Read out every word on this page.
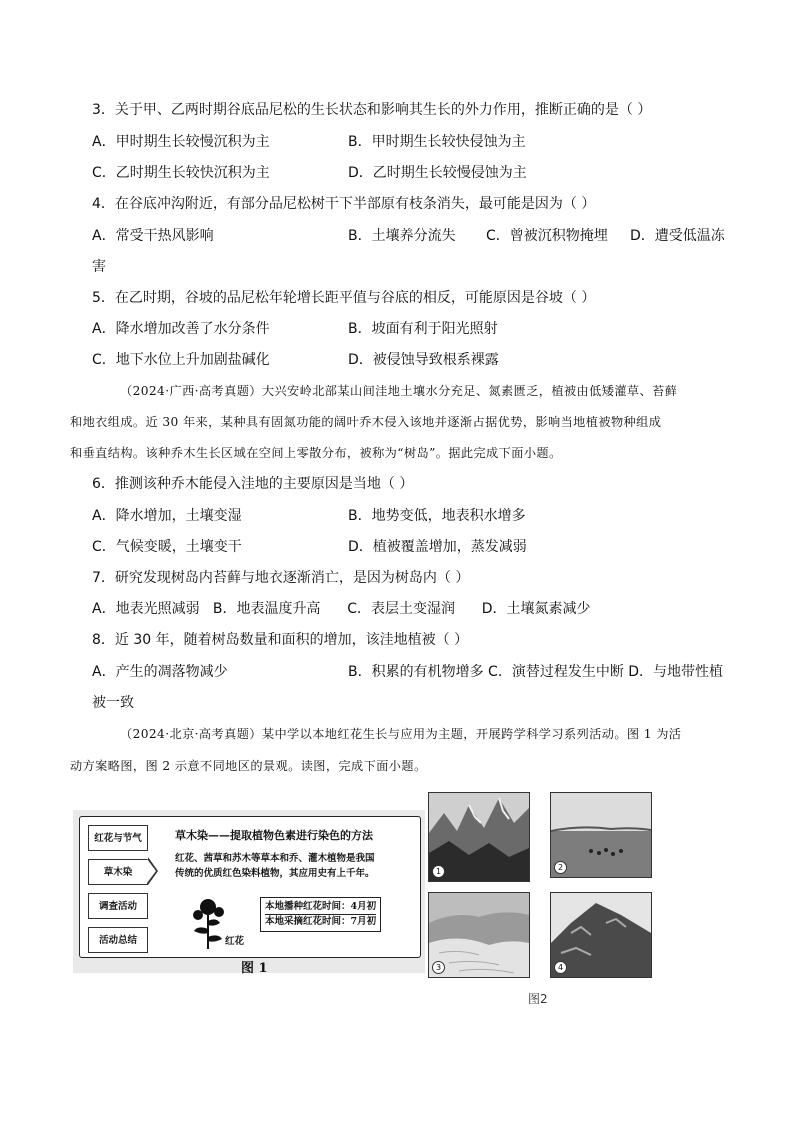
3．关于甲、乙两时期谷底品尼松的生长状态和影响其生长的外力作用，推断正确的是（ ）
A．甲时期生长较慢沉积为主	B．甲时期生长较快侵蚀为主
C．乙时期生长较快沉积为主	D．乙时期生长较慢侵蚀为主
4．在谷底冲沟附近，有部分品尼松树干下半部原有枝条消失，最可能是因为（ ）
A．常受干热风影响	B．土壤养分流失 C．曾被沉积物掩埋 D．遭受低温冻
害
5．在乙时期，谷坡的品尼松年轮增长距平值与谷底的相反，可能原因是谷坡（ ）
A．降水增加改善了水分条件	B．坡面有利于阳光照射
C．地下水位上升加剧盐碱化	D．被侵蚀导致根系裸露
（2024·广西·高考真题）大兴安岭北部某山间洼地土壤水分充足、氮素匮乏，植被由低矮灌草、苔藓
和地衣组成。近 30 年来，某种具有固氮功能的阔叶乔木侵入该地并逐渐占据优势，影响当地植被物种组成
和垂直结构。该种乔木生长区域在空间上零散分布，被称为“树岛”。据此完成下面小题。
6．推测该种乔木能侵入洼地的主要原因是当地（ ）
A．降水增加，土壤变湿	B．地势变低，地表积水增多
C．气候变暖，土壤变干	D．植被覆盖增加，蒸发减弱
7．研究发现树岛内苔藓与地衣逐渐消亡，是因为树岛内（ ）
A．地表光照减弱   B．地表温度升高      C．表层土变湿润      D．土壤氮素减少
8．近 30 年，随着树岛数量和面积的增加，该洼地植被（ ）
A．产生的凋落物减少	B．积累的有机物增多 C．演替过程发生中断 D．与地带性植
被一致
（2024·北京·高考真题）某中学以本地红花生长与应用为主题，开展跨学科学习系列活动。图 1 为活
动方案略图，图 2 示意不同地区的景观。读图，完成下面小题。
红花与节气
草木染
调查活动
活动总结
草木染——提取植物色素进行染色的方法
红花、茜草和苏木等草本和乔、灌木植物是我国
传统的优质红色染料植物，其应用史有上千年。
红花
本地播种红花时间：4月初
本地采摘红花时间：7月初
图 1
1	2
3	4
图2
